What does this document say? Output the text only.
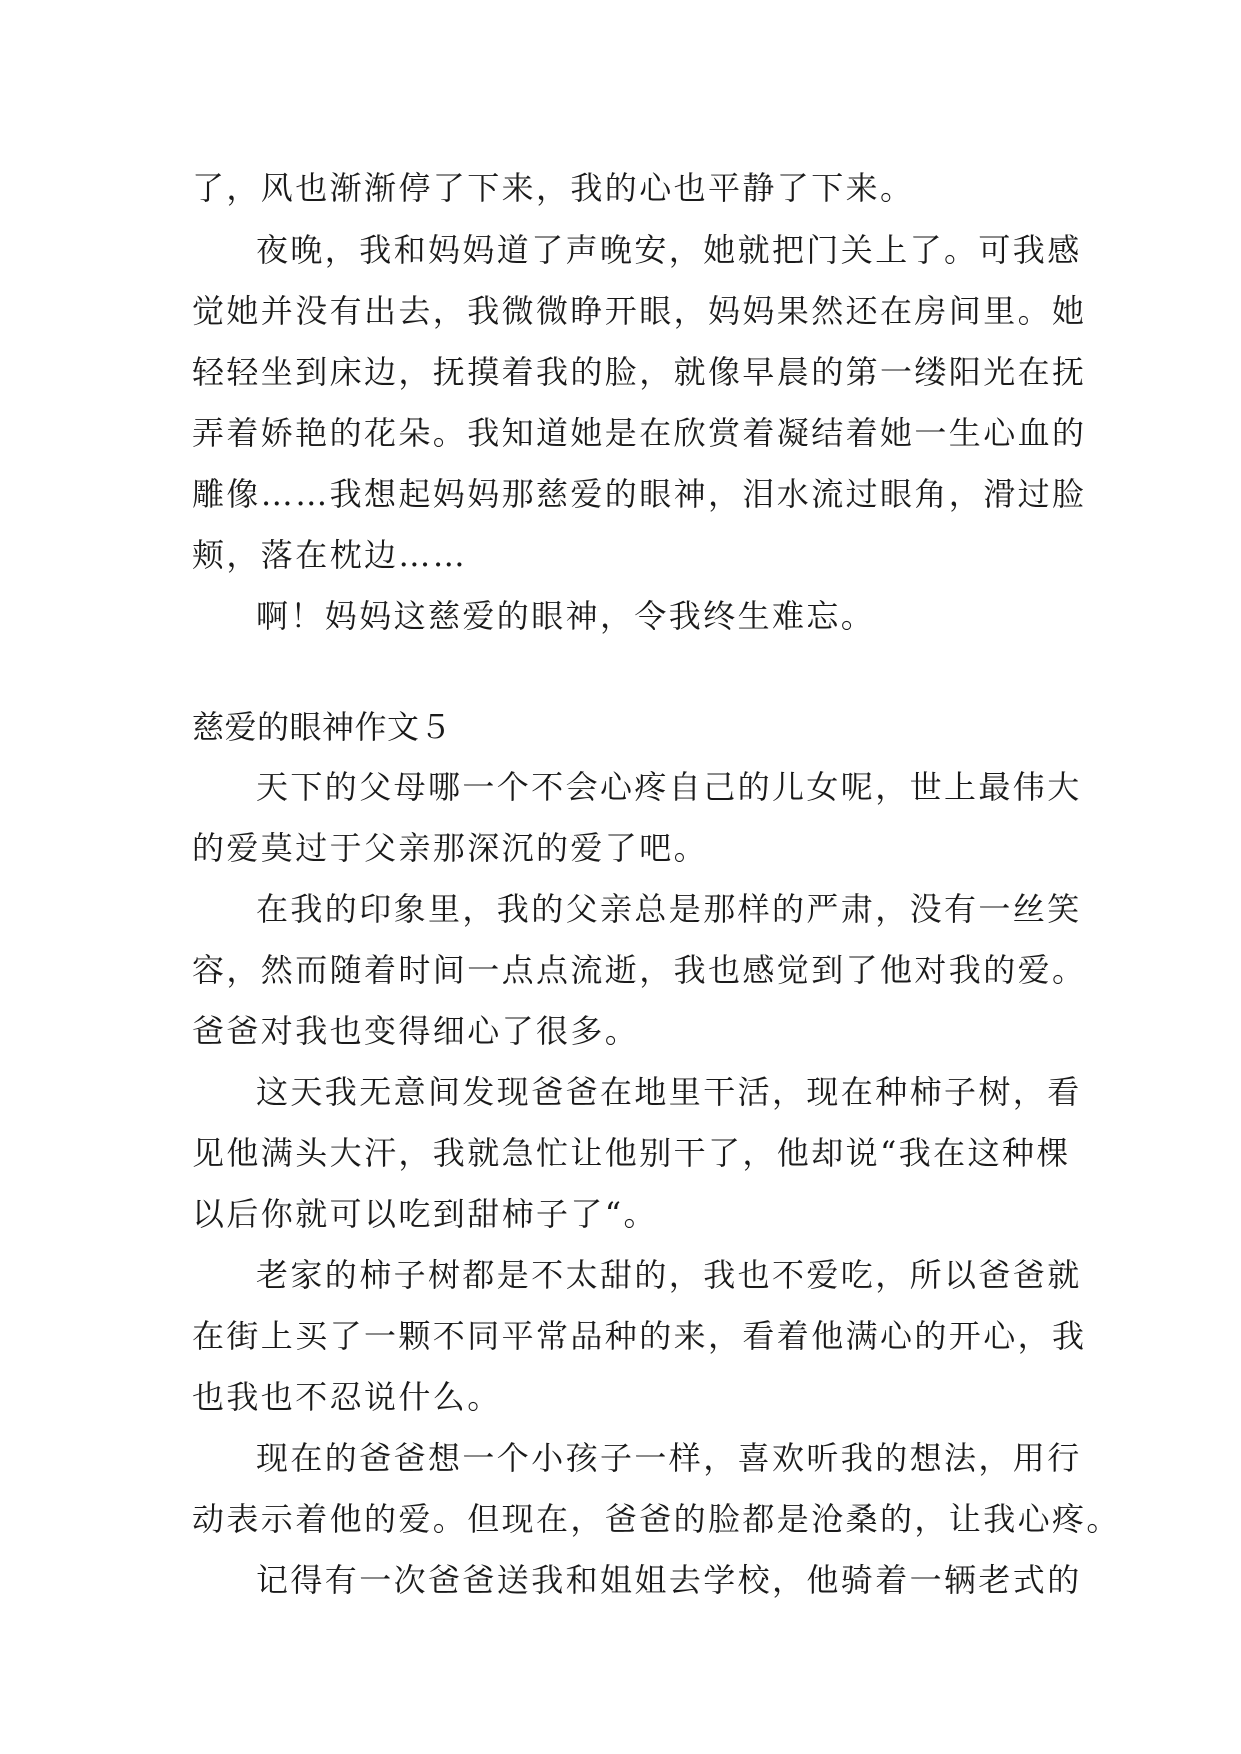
了，风也渐渐停了下来，我的心也平静了下来。
夜晚，我和妈妈道了声晚安，她就把门关上了。可我感
觉她并没有出去，我微微睁开眼，妈妈果然还在房间里。她
轻轻坐到床边，抚摸着我的脸，就像早晨的第一缕阳光在抚
弄着娇艳的花朵。我知道她是在欣赏着凝结着她一生心血的
雕像……我想起妈妈那慈爱的眼神，泪水流过眼角，滑过脸
颊，落在枕边……
啊！妈妈这慈爱的眼神，令我终生难忘。
慈爱的眼神作文５
天下的父母哪一个不会心疼自己的儿女呢，世上最伟大
的爱莫过于父亲那深沉的爱了吧。
在我的印象里，我的父亲总是那样的严肃，没有一丝笑
容，然而随着时间一点点流逝，我也感觉到了他对我的爱。
爸爸对我也变得细心了很多。
这天我无意间发现爸爸在地里干活，现在种柿子树，看
见他满头大汗，我就急忙让他别干了，他却说“我在这种棵
以后你就可以吃到甜柿子了“。
老家的柿子树都是不太甜的，我也不爱吃，所以爸爸就
在街上买了一颗不同平常品种的来，看着他满心的开心，我
也我也不忍说什么。
现在的爸爸想一个小孩子一样，喜欢听我的想法，用行
动表示着他的爱。但现在，爸爸的脸都是沧桑的，让我心疼。
记得有一次爸爸送我和姐姐去学校，他骑着一辆老式的
